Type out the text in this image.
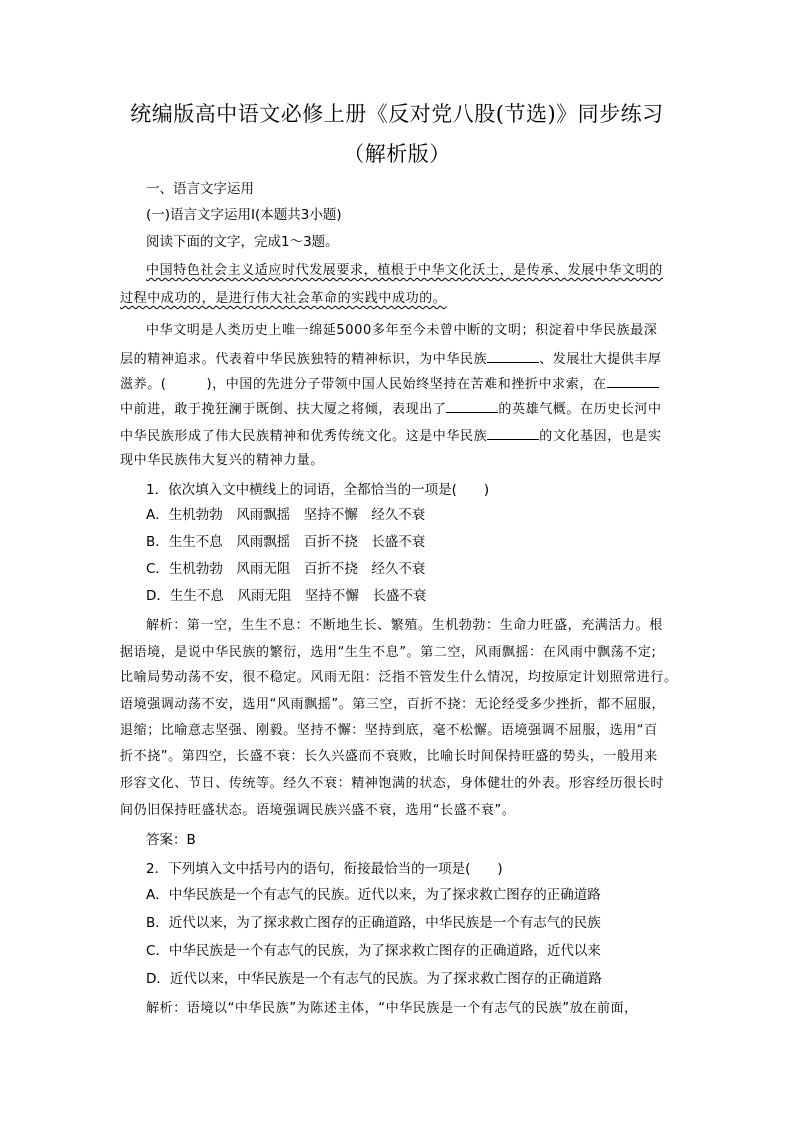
统编版高中语文必修上册《反对党八股(节选)》同步练习
（解析版）
一、语言文字运用
(一)语言文字运用Ⅰ(本题共3小题)
阅读下面的文字，完成1～3题。
中国特色社会主义适应时代发展要求，植根于中华文化沃土，是传承、发展中华文明的
过程中成功的，是进行伟大社会革命的实践中成功的。
中华文明是人类历史上唯一绵延5000多年至今未曾中断的文明；积淀着中华民族最深
层的精神追求。代表着中华民族独特的精神标识，为中华民族	、发展壮大提供丰厚
滋养。(	)，中国的先进分子带领中国人民始终坚持在苦难和挫折中求索，在
中前进，敢于挽狂澜于既倒、扶大厦之将倾，表现出了	的英雄气概。在历史长河中
中华民族形成了伟大民族精神和优秀传统文化。这是中华民族	的文化基因，也是实
现中华民族伟大复兴的精神力量。
1．依次填入文中横线上的词语，全都恰当的一项是(　　)
A．生机勃勃　风雨飘摇　坚持不懈　经久不衰
B．生生不息　风雨飘摇　百折不挠　长盛不衰
C．生机勃勃　风雨无阻　百折不挠　经久不衰
D．生生不息　风雨无阻　坚持不懈　长盛不衰
解析：第一空，生生不息：不断地生长、繁殖。生机勃勃：生命力旺盛，充满活力。根
据语境，是说中华民族的繁衍，选用“生生不息”。第二空，风雨飘摇：在风雨中飘荡不定;
比喻局势动荡不安，很不稳定。风雨无阻：泛指不管发生什么情况，均按原定计划照常进行。
语境强调动荡不安，选用“风雨飘摇”。第三空，百折不挠：无论经受多少挫折，都不屈服，
退缩；比喻意志坚强、刚毅。坚持不懈：坚持到底，毫不松懈。语境强调不屈服，选用“百
折不挠”。第四空，长盛不衰：长久兴盛而不衰败，比喻长时间保持旺盛的势头，一般用来
形容文化、节日、传统等。经久不衰：精神饱满的状态，身体健壮的外表。形容经历很长时
间仍旧保持旺盛状态。语境强调民族兴盛不衰，选用“长盛不衰”。
答案：B
2．下列填入文中括号内的语句，衔接最恰当的一项是(　　)
A．中华民族是一个有志气的民族。近代以来，为了探求救亡图存的正确道路
B．近代以来，为了探求救亡图存的正确道路，中华民族是一个有志气的民族
C．中华民族是一个有志气的民族，为了探求救亡图存的正确道路，近代以来
D．近代以来，中华民族是一个有志气的民族。为了探求救亡图存的正确道路
解析：语境以“中华民族”为陈述主体，“中华民族是一个有志气的民族”放在前面，
